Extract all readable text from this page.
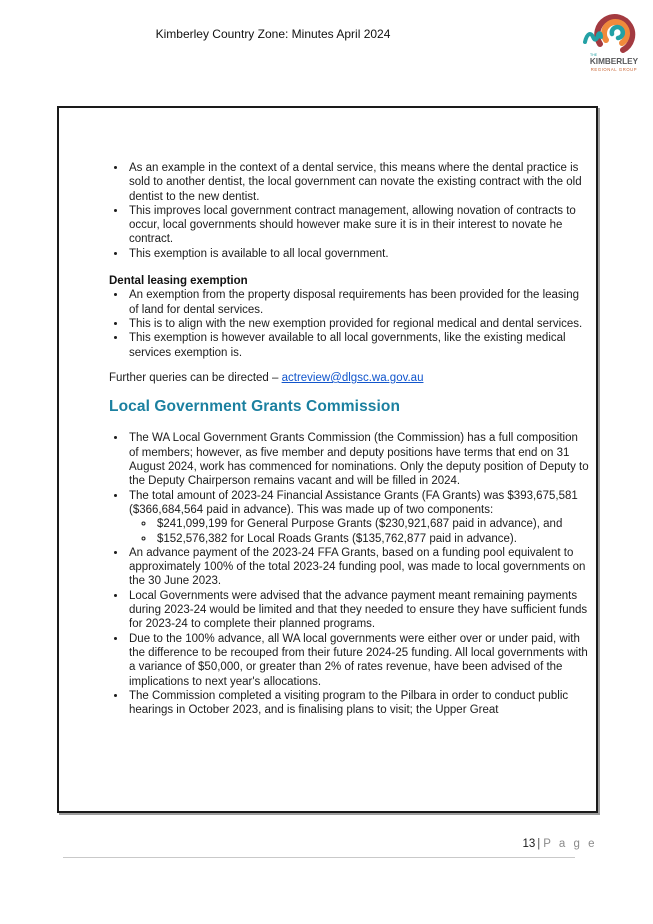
Kimberley Country Zone: Minutes April 2024
THE
KIMBERLEY
REGIONAL GROUP
• As an example in the context of a dental service, this means where the dental practice is sold to another dentist, the local government can novate the existing contract with the old dentist to the new dentist.
• This improves local government contract management, allowing novation of contracts to occur, local governments should however make sure it is in their interest to novate he contract.
• This exemption is available to all local government.
Dental leasing exemption
• An exemption from the property disposal requirements has been provided for the leasing of land for dental services.
• This is to align with the new exemption provided for regional medical and dental services.
• This exemption is however available to all local governments, like the existing medical services exemption is.

Further queries can be directed – actreview@dlgsc.wa.gov.au

Local Government Grants Commission
• The WA Local Government Grants Commission (the Commission) has a full composition of members; however, as five member and deputy positions have terms that end on 31 August 2024, work has commenced for nominations. Only the deputy position of Deputy to the Deputy Chairperson remains vacant and will be filled in 2024.
• The total amount of 2023-24 Financial Assistance Grants (FA Grants) was $393,675,581 ($366,684,564 paid in advance). This was made up of two components:
◦ $241,099,199 for General Purpose Grants ($230,921,687 paid in advance), and
◦ $152,576,382 for Local Roads Grants ($135,762,877 paid in advance).
• An advance payment of the 2023-24 FFA Grants, based on a funding pool equivalent to approximately 100% of the total 2023-24 funding pool, was made to local governments on the 30 June 2023.
• Local Governments were advised that the advance payment meant remaining payments during 2023-24 would be limited and that they needed to ensure they have sufficient funds for 2023-24 to complete their planned programs.
• Due to the 100% advance, all WA local governments were either over or under paid, with the difference to be recouped from their future 2024-25 funding. All local governments with a variance of $50,000, or greater than 2% of rates revenue, have been advised of the implications to next year's allocations.
• The Commission completed a visiting program to the Pilbara in order to conduct public hearings in October 2023, and is finalising plans to visit; the Upper Great
13 | P a g e
